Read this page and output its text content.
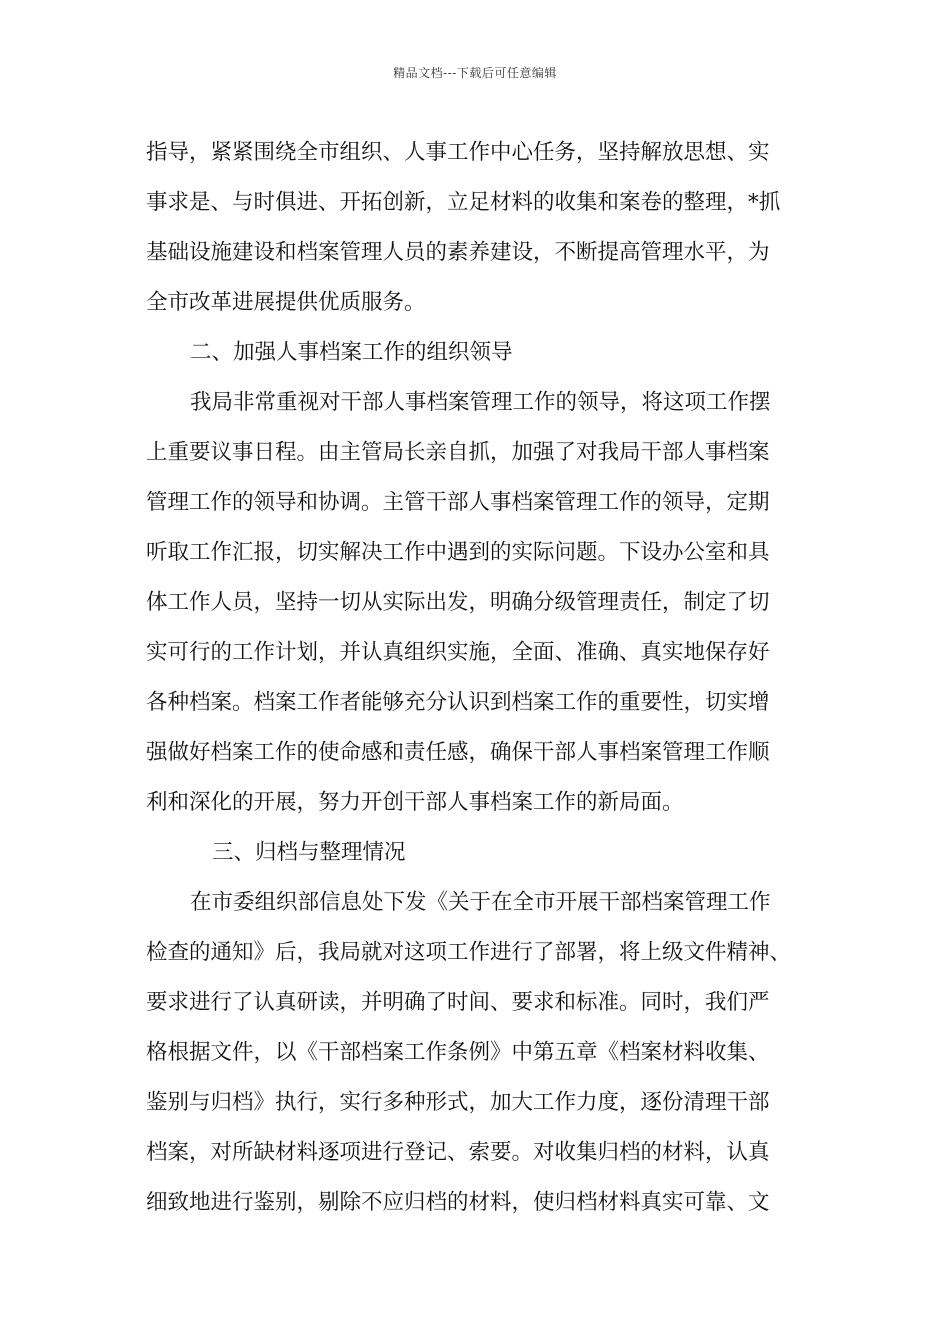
精品文档---下载后可任意编辑
指导，紧紧围绕全市组织、人事工作中心任务，坚持解放思想、实
事求是、与时俱进、开拓创新，立足材料的收集和案卷的整理，*抓
基础设施建设和档案管理人员的素养建设，不断提高管理水平，为
全市改革进展提供优质服务。
二、加强人事档案工作的组织领导
我局非常重视对干部人事档案管理工作的领导，将这项工作摆
上重要议事日程。由主管局长亲自抓，加强了对我局干部人事档案
管理工作的领导和协调。主管干部人事档案管理工作的领导，定期
听取工作汇报，切实解决工作中遇到的实际问题。下设办公室和具
体工作人员，坚持一切从实际出发，明确分级管理责任，制定了切
实可行的工作计划，并认真组织实施，全面、准确、真实地保存好
各种档案。档案工作者能够充分认识到档案工作的重要性，切实增
强做好档案工作的使命感和责任感，确保干部人事档案管理工作顺
利和深化的开展，努力开创干部人事档案工作的新局面。
三、归档与整理情况
在市委组织部信息处下发《关于在全市开展干部档案管理工作
检查的通知》后，我局就对这项工作进行了部署，将上级文件精神、
要求进行了认真研读，并明确了时间、要求和标准。同时，我们严
格根据文件，以《干部档案工作条例》中第五章《档案材料收集、
鉴别与归档》执行，实行多种形式，加大工作力度，逐份清理干部
档案，对所缺材料逐项进行登记、索要。对收集归档的材料，认真
细致地进行鉴别，剔除不应归档的材料，使归档材料真实可靠、文
